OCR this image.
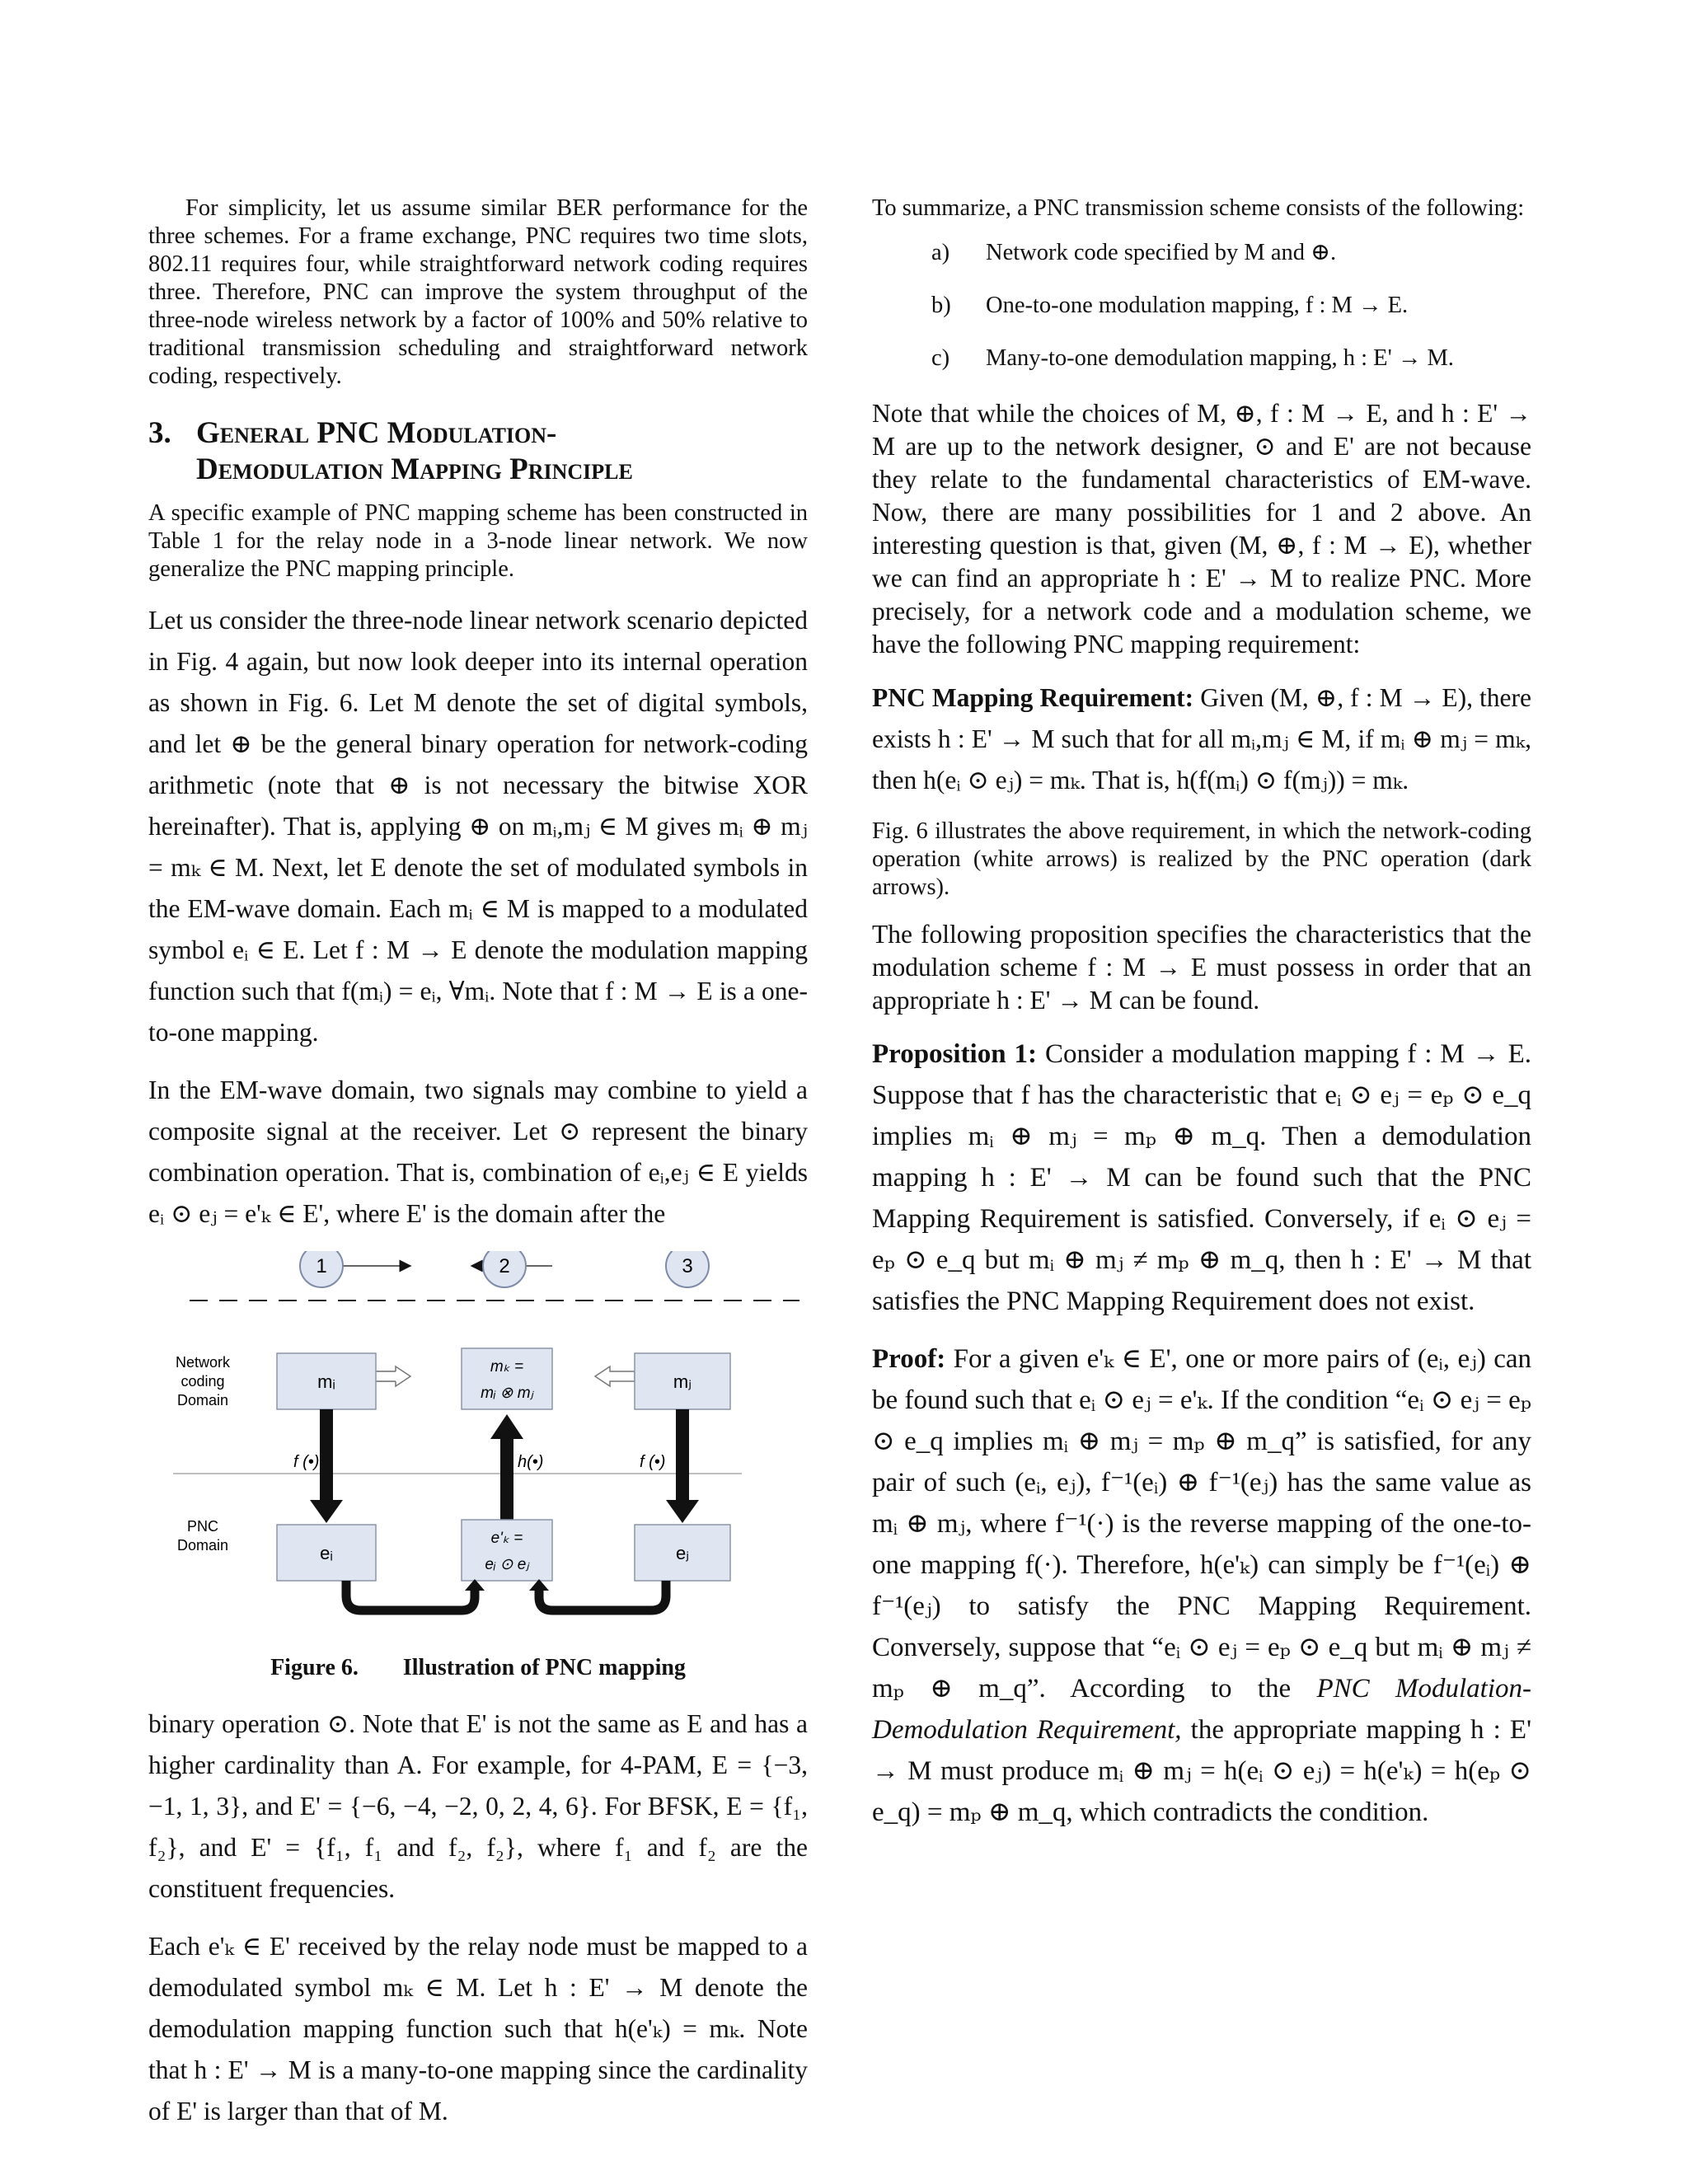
For simplicity, let us assume similar BER performance for the three schemes. For a frame exchange, PNC requires two time slots, 802.11 requires four, while straightforward network coding requires three. Therefore, PNC can improve the system throughput of the three-node wireless network by a factor of 100% and 50% relative to traditional transmission scheduling and straightforward network coding, respectively.

3. General PNC Modulation-
Demodulation Mapping Principle

A specific example of PNC mapping scheme has been constructed in Table 1 for the relay node in a 3-node linear network. We now generalize the PNC mapping principle.

Let us consider the three-node linear network scenario depicted in Fig. 4 again, but now look deeper into its internal operation as shown in Fig. 6. Let M denote the set of digital symbols, and let ⊕ be the general binary operation for network-coding arithmetic (note that ⊕ is not necessary the bitwise XOR hereinafter). That is, applying ⊕ on mᵢ,mⱼ ∈ M gives mᵢ ⊕ mⱼ = mₖ ∈ M. Next, let E denote the set of modulated symbols in the EM-wave domain. Each mᵢ ∈ M is mapped to a modulated symbol eᵢ ∈ E. Let f : M → E denote the modulation mapping function such that f(mᵢ) = eᵢ, ∀mᵢ. Note that f : M → E is a one-to-one mapping.

In the EM-wave domain, two signals may combine to yield a composite signal at the receiver. Let ⊙ represent the binary combination operation. That is, combination of eᵢ,eⱼ ∈ E yields eᵢ ⊙ eⱼ = e'ₖ ∈ E', where E' is the domain after the

1	2	3
Network
coding
Domain
PNC
Domain
mᵢ
mₖ =
mᵢ ⊗ mⱼ
mⱼ
f (•)	h(•)	f (•)
eᵢ
e'ₖ =
eᵢ ⊙ eⱼ
eⱼ
Figure 6. Illustration of PNC mapping

binary operation ⊙. Note that E' is not the same as E and has a higher cardinality than A. For example, for 4-PAM, E = {−3, −1, 1, 3}, and E' = {−6, −4, −2, 0, 2, 4, 6}. For BFSK, E = {f₁, f₂}, and E' = {f₁, f₁ and f₂, f₂}, where f₁ and f₂ are the constituent frequencies.

Each e'ₖ ∈ E' received by the relay node must be mapped to a demodulated symbol mₖ ∈ M. Let h : E' → M denote the demodulation mapping function such that h(e'ₖ) = mₖ. Note that h : E' → M is a many-to-one mapping since the cardinality of E' is larger than that of M.

To summarize, a PNC transmission scheme consists of the following:

a) Network code specified by M and ⊕.
b) One-to-one modulation mapping, f : M → E.
c) Many-to-one demodulation mapping, h : E' → M.

Note that while the choices of M, ⊕, f : M → E, and h : E' → M are up to the network designer, ⊙ and E' are not because they relate to the fundamental characteristics of EM-wave. Now, there are many possibilities for 1 and 2 above. An interesting question is that, given (M, ⊕, f : M → E), whether we can find an appropriate h : E' → M to realize PNC. More precisely, for a network code and a modulation scheme, we have the following PNC mapping requirement:

PNC Mapping Requirement: Given (M, ⊕, f : M → E), there exists h : E' → M such that for all mᵢ,mⱼ ∈ M, if mᵢ ⊕ mⱼ = mₖ, then h(eᵢ ⊙ eⱼ) = mₖ. That is, h(f(mᵢ) ⊙ f(mⱼ)) = mₖ.

Fig. 6 illustrates the above requirement, in which the network-coding operation (white arrows) is realized by the PNC operation (dark arrows).

The following proposition specifies the characteristics that the modulation scheme f : M → E must possess in order that an appropriate h : E' → M can be found.

Proposition 1: Consider a modulation mapping f : M → E. Suppose that f has the characteristic that eᵢ ⊙ eⱼ = eₚ ⊙ e_q implies mᵢ ⊕ mⱼ = mₚ ⊕ m_q. Then a demodulation mapping h : E' → M can be found such that the PNC Mapping Requirement is satisfied. Conversely, if eᵢ ⊙ eⱼ = eₚ ⊙ e_q but mᵢ ⊕ mⱼ ≠ mₚ ⊕ m_q, then h : E' → M that satisfies the PNC Mapping Requirement does not exist.

Proof: For a given e'ₖ ∈ E', one or more pairs of (eᵢ, eⱼ) can be found such that eᵢ ⊙ eⱼ = e'ₖ. If the condition “eᵢ ⊙ eⱼ = eₚ ⊙ e_q implies mᵢ ⊕ mⱼ = mₚ ⊕ m_q” is satisfied, for any pair of such (eᵢ, eⱼ), f⁻¹(eᵢ) ⊕ f⁻¹(eⱼ) has the same value as mᵢ ⊕ mⱼ, where f⁻¹(·) is the reverse mapping of the one-to-one mapping f(·). Therefore, h(e'ₖ) can simply be f⁻¹(eᵢ) ⊕ f⁻¹(eⱼ) to satisfy the PNC Mapping Requirement. Conversely, suppose that “eᵢ ⊙ eⱼ = eₚ ⊙ e_q but mᵢ ⊕ mⱼ ≠ mₚ ⊕ m_q”. According to the PNC Modulation-Demodulation Requirement, the appropriate mapping h : E' → M must produce mᵢ ⊕ mⱼ = h(eᵢ ⊙ eⱼ) = h(e'ₖ) = h(eₚ ⊙ e_q) = mₚ ⊕ m_q, which contradicts the condition.
